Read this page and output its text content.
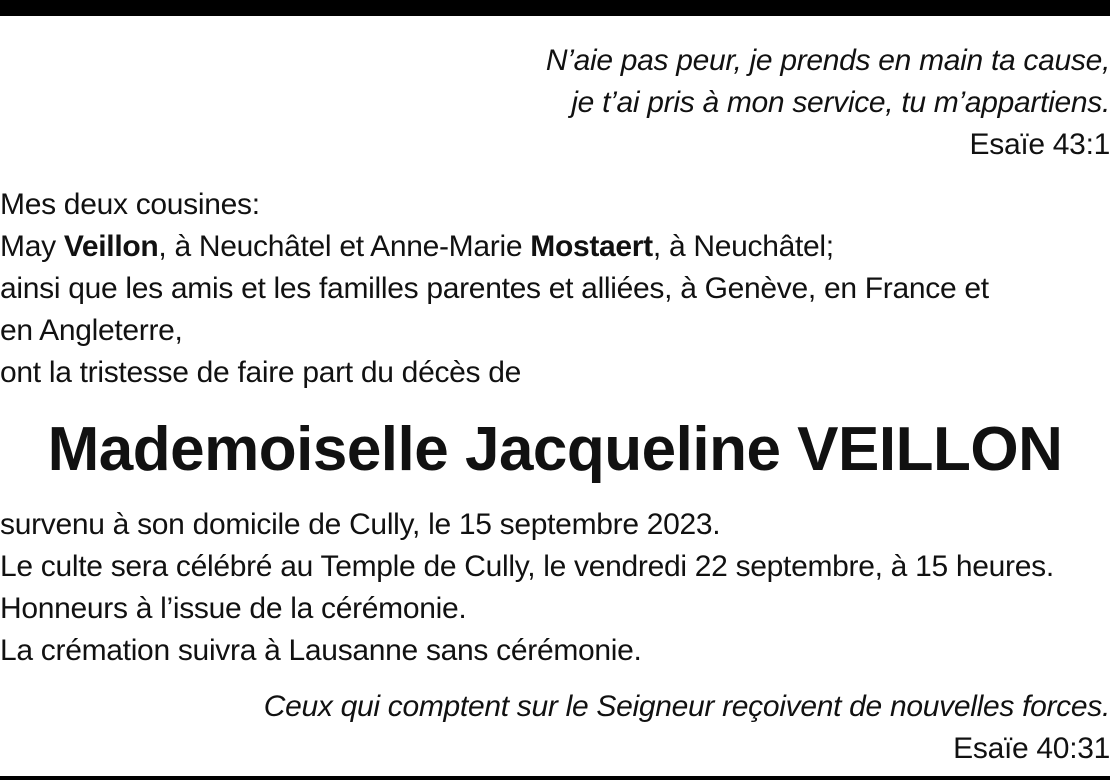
N’aie pas peur, je prends en main ta cause,
je t’ai pris à mon service, tu m’appartiens.
Esaïe 43:1
Mes deux cousines:
May Veillon, à Neuchâtel et Anne-Marie Mostaert, à Neuchâtel;
ainsi que les amis et les familles parentes et alliées, à Genève, en France et
en Angleterre,
ont la tristesse de faire part du décès de
Mademoiselle Jacqueline VEILLON
survenu à son domicile de Cully, le 15 septembre 2023.
Le culte sera célébré au Temple de Cully, le vendredi 22 septembre, à 15 heures.
Honneurs à l’issue de la cérémonie.
La crémation suivra à Lausanne sans cérémonie.
Ceux qui comptent sur le Seigneur reçoivent de nouvelles forces.
Esaïe 40:31
